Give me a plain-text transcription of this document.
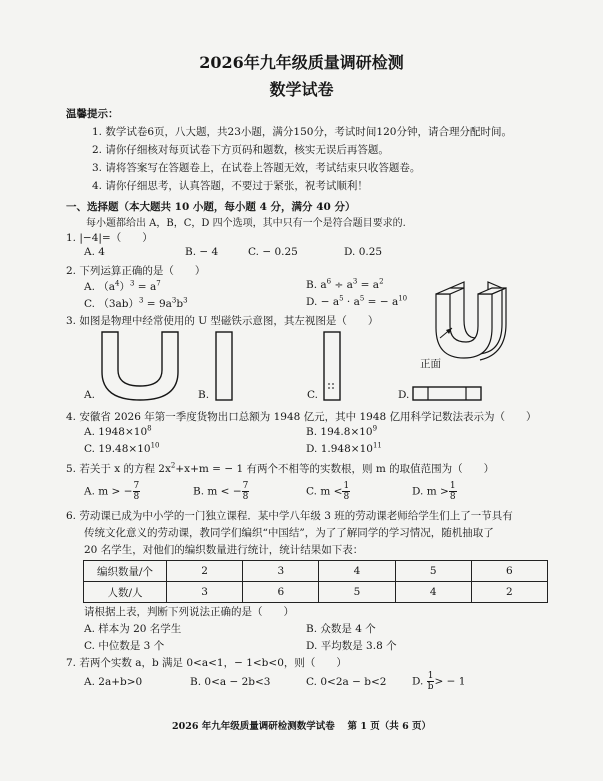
2026年九年级质量调研检测
数学试卷
温馨提示：
1. 数学试卷6页，八大题，共23小题，满分150分，考试时间120分钟，请合理分配时间。
2. 请你仔细核对每页试卷下方页码和题数，核实无误后再答题。
3. 请将答案写在答题卷上，在试卷上答题无效，考试结束只收答题卷。
4. 请你仔细思考，认真答题，不要过于紧张，祝考试顺利！
一、选择题（本大题共 10 小题，每小题 4 分，满分 40 分）
每小题都给出 A，B，C，D 四个选项，其中只有一个是符合题目要求的.
1. |−4|=（　　）
A. 4	B. − 4	C. − 0.25	D. 0.25
2. 下列运算正确的是（　　）
A. $(a^4)^3 = a^7$	B. $a^6 \div a^3 = a^2$
C. $(3ab)^3 = 9a^3b^3$	D. − $a^5 \cdot a^5$ = − $a^{10}$
3. 如图是物理中经常使用的 U 型磁铁示意图，其左视图是（　　）
正面
A.	B.	C.	D.
4. 安徽省 2026 年第一季度货物出口总额为 1948 亿元，其中 1948 亿用科学记数法表示为（　　）
A. $1948\times 10^8$	B. $194.8\times 10^9$
C. $19.48\times 10^{10}$	D. $1.948\times 10^{11}$
5. 若关于 x 的方程 $2x^2+x+m$ = − 1 有两个不相等的实数根，则 m 的取值范围为（　　）
A. m > − $\frac{7}{8}$	B. m < − $\frac{7}{8}$	C. $m < \frac{1}{8}$	D. $m > \frac{1}{8}$
6. 劳动课已成为中小学的一门独立课程．某中学八年级 3 班的劳动课老师给学生们上了一节具有
传统文化意义的劳动课，教同学们编织“中国结”，为了了解同学的学习情况，随机抽取了
20 名学生，对他们的编织数量进行统计，统计结果如下表：
编织数量/个	2	3	4	5	6
人数/人	3	6	5	4	2
请根据上表，判断下列说法正确的是（　　）
A. 样本为 20 名学生	B. 众数是 4 个
C. 中位数是 3 个	D. 平均数是 3.8 个
7. 若两个实数 a，b 满足 0<a<1，− 1<b<0，则（　　）
A. 2a+b>0	B. 0<a − 2b<3	C. 0<2a − b<2 D. $\frac{1}{b}$ > − 1
2026 年九年级质量调研检测数学试卷　 第 1 页（共 6 页）
